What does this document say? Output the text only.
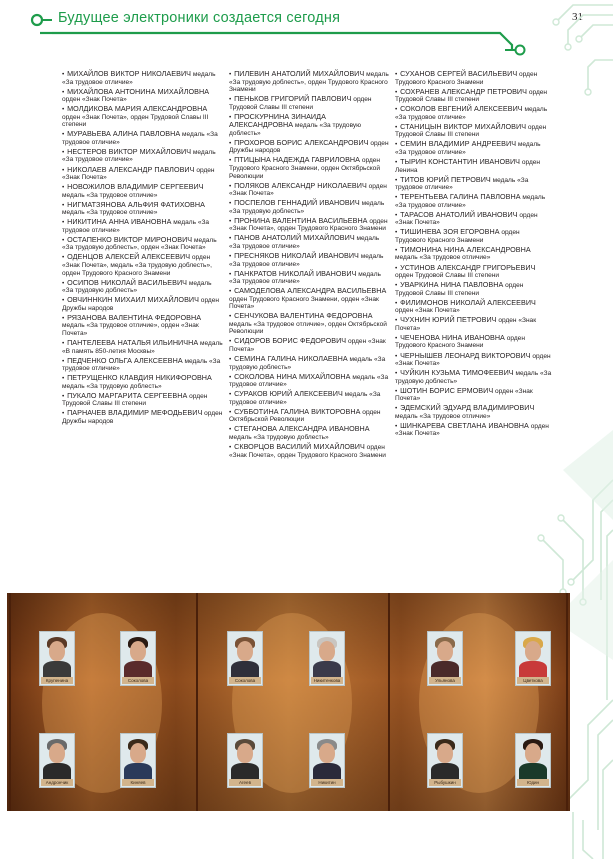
Будущее электроники создается сегодня	31
• МИХАЙЛОВ ВИКТОР НИКОЛАЕВИЧ медаль «За трудовое отличие»
• МИХАЙЛОВА АНТОНИНА МИХАЙЛОВНА орден «Знак Почета»
• МОЛДИКОВА МАРИЯ АЛЕКСАНДРОВНА орден «Знак Почета», орден Трудовой Славы III степени
• МУРАВЬЕВА АЛИНА ПАВЛОВНА медаль «За трудовое отличие»
• НЕСТЕРОВ ВИКТОР МИХАЙЛОВИЧ медаль «За трудовое отличие»
• НИКОЛАЕВ АЛЕКСАНДР ПАВЛОВИЧ орден «Знак Почета»
• НОВОЖИЛОВ ВЛАДИМИР СЕРГЕЕВИЧ медаль «За трудовое отличие»
• НИГМАТЗЯНОВА АЛЬФИЯ ФАТИХОВНА медаль «За трудовое отличие»
• НИКИТИНА АННА ИВАНОВНА медаль «За трудовое отличие»
• ОСТАПЕНКО ВИКТОР МИРОНОВИЧ медаль «За трудовую доблесть», орден «Знак Почета»
• ОДЕНЦОВ АЛЕКСЕЙ АЛЕКСЕЕВИЧ орден «Знак Почета», медаль «За трудовую доблесть», орден Трудового Красного Знамени
• ОСИПОВ НИКОЛАЙ ВАСИЛЬЕВИЧ медаль «За трудовую доблесть»
• ОВЧИННКИН МИХАИЛ МИХАЙЛОВИЧ орден Дружбы народов
• РЯЗАНОВА ВАЛЕНТИНА ФЕДОРОВНА медаль «За трудовое отличие», орден «Знак Почета»
• ПАНТЕЛЕЕВА НАТАЛЬЯ ИЛЬИНИЧНА медаль «В память 850-летия Москвы»
• ПЕДЧЕНКО ОЛЬГА АЛЕКСЕЕВНА медаль «За трудовое отличие»
• ПЕТРУЩЕНКО КЛАВДИЯ НИКИФОРОВНА медаль «За трудовую доблесть»
• ПУКАЛО МАРГАРИТА СЕРГЕЕВНА орден Трудовой Славы III степени
• ПАРНАЧЕВ ВЛАДИМИР МЕФОДЬЕВИЧ орден Дружбы народов
• ПИЛЕВИН АНАТОЛИЙ МИХАЙЛОВИЧ медаль «За трудовую доблесть», орден Трудового Красного Знамени
• ПЕНЬКОВ ГРИГОРИЙ ПАВЛОВИЧ орден Трудовой Славы III степени
• ПРОСКУРНИНА ЗИНАИДА АЛЕКСАНДРОВНА медаль «За трудовую доблесть»
• ПРОХОРОВ БОРИС АЛЕКСАНДРОВИЧ орден Дружбы народов
• ПТИЦЫНА НАДЕЖДА ГАВРИЛОВНА орден Трудового Красного Знамени, орден Октябрьской Революции
• ПОЛЯКОВ АЛЕКСАНДР НИКОЛАЕВИЧ орден «Знак Почета»
• ПОСПЕЛОВ ГЕННАДИЙ ИВАНОВИЧ медаль «За трудовую доблесть»
• ПРОНИНА ВАЛЕНТИНА ВАСИЛЬЕВНА орден «Знак Почета», орден Трудового Красного Знамени
• ПАНОВ АНАТОЛИЙ МИХАЙЛОВИЧ медаль «За трудовое отличие»
• ПРЕСНЯКОВ НИКОЛАЙ ИВАНОВИЧ медаль «За трудовое отличие»
• ПАНКРАТОВ НИКОЛАЙ ИВАНОВИЧ медаль «За трудовое отличие»
• САМОДЕЛОВА АЛЕКСАНДРА ВАСИЛЬЕВНА орден Трудового Красного Знамени, орден «Знак Почета»
• СЕНЧУКОВА ВАЛЕНТИНА ФЕДОРОВНА медаль «За трудовое отличие», орден Октябрьской Революции
• СИДОРОВ БОРИС ФЕДОРОВИЧ орден «Знак Почета»
• СЕМИНА ГАЛИНА НИКОЛАЕВНА медаль «За трудовую доблесть»
• СОКОЛОВА НИНА МИХАЙЛОВНА медаль «За трудовое отличие»
• СУРАКОВ ЮРИЙ АЛЕКСЕЕВИЧ медаль «За трудовое отличие»
• СУББОТИНА ГАЛИНА ВИКТОРОВНА орден Октябрьской Революции
• СТЕГАНОВА АЛЕКСАНДРА ИВАНОВНА медаль «За трудовую доблесть»
• СКВОРЦОВ ВАСИЛИЙ МИХАЙЛОВИЧ орден «Знак Почета», орден Трудового Красного Знамени
• СУХАНОВ СЕРГЕЙ ВАСИЛЬЕВИЧ орден Трудового Красного Знамени
• СОХРАНЕВ АЛЕКСАНДР ПЕТРОВИЧ орден Трудовой Славы III степени
• СОКОЛОВ ЕВГЕНИЙ АЛЕКСЕЕВИЧ медаль «За трудовое отличие»
• СТАНИЦЫН ВИКТОР МИХАЙЛОВИЧ орден Трудовой Славы III степени
• СЕМИН ВЛАДИМИР АНДРЕЕВИЧ медаль «За трудовое отличие»
• ТЫРИН КОНСТАНТИН ИВАНОВИЧ орден Ленина
• ТИТОВ ЮРИЙ ПЕТРОВИЧ медаль «За трудовое отличие»
• ТЕРЕНТЬЕВА ГАЛИНА ПАВЛОВНА медаль «За трудовое отличие»
• ТАРАСОВ АНАТОЛИЙ ИВАНОВИЧ орден «Знак Почета»
• ТИШИНЕВА ЗОЯ ЕГОРОВНА орден Трудового Красного Знамени
• ТИМОНИНА НИНА АЛЕКСАНДРОВНА медаль «За трудовое отличие»
• УСТИНОВ АЛЕКСАНДР ГРИГОРЬЕВИЧ орден Трудовой Славы III степени
• УВАРКИНА НИНА ПАВЛОВНА орден Трудовой Славы III степени
• ФИЛИМОНОВ НИКОЛАЙ АЛЕКСЕЕВИЧ орден «Знак Почета»
• ЧУХНИН ЮРИЙ ПЕТРОВИЧ орден «Знак Почета»
• ЧЕЧЕНОВА НИНА ИВАНОВНА орден Трудового Красного Знамени
• ЧЕРНЫШЕВ ЛЕОНАРД ВИКТОРОВИЧ орден «Знак Почета»
• ЧУЙКИН КУЗЬМА ТИМОФЕЕВИЧ медаль «За трудовую доблесть»
• ШОТИН БОРИС ЕРМОВИЧ орден «Знак Почета»
• ЭДЕМСКИЙ ЭДУАРД ВЛАДИМИРОВИЧ медаль «За трудовое отличие»
• ШИНКАРЕВА СВЕТЛАНА ИВАНОВНА орден «Знак Почета»
Крупенина	Соколова	Соколова	Никитенкова	Ульянова	Цветкова
Андрончик	Киняев	Агеев	Никитин	Рыбушкин	Юдин
